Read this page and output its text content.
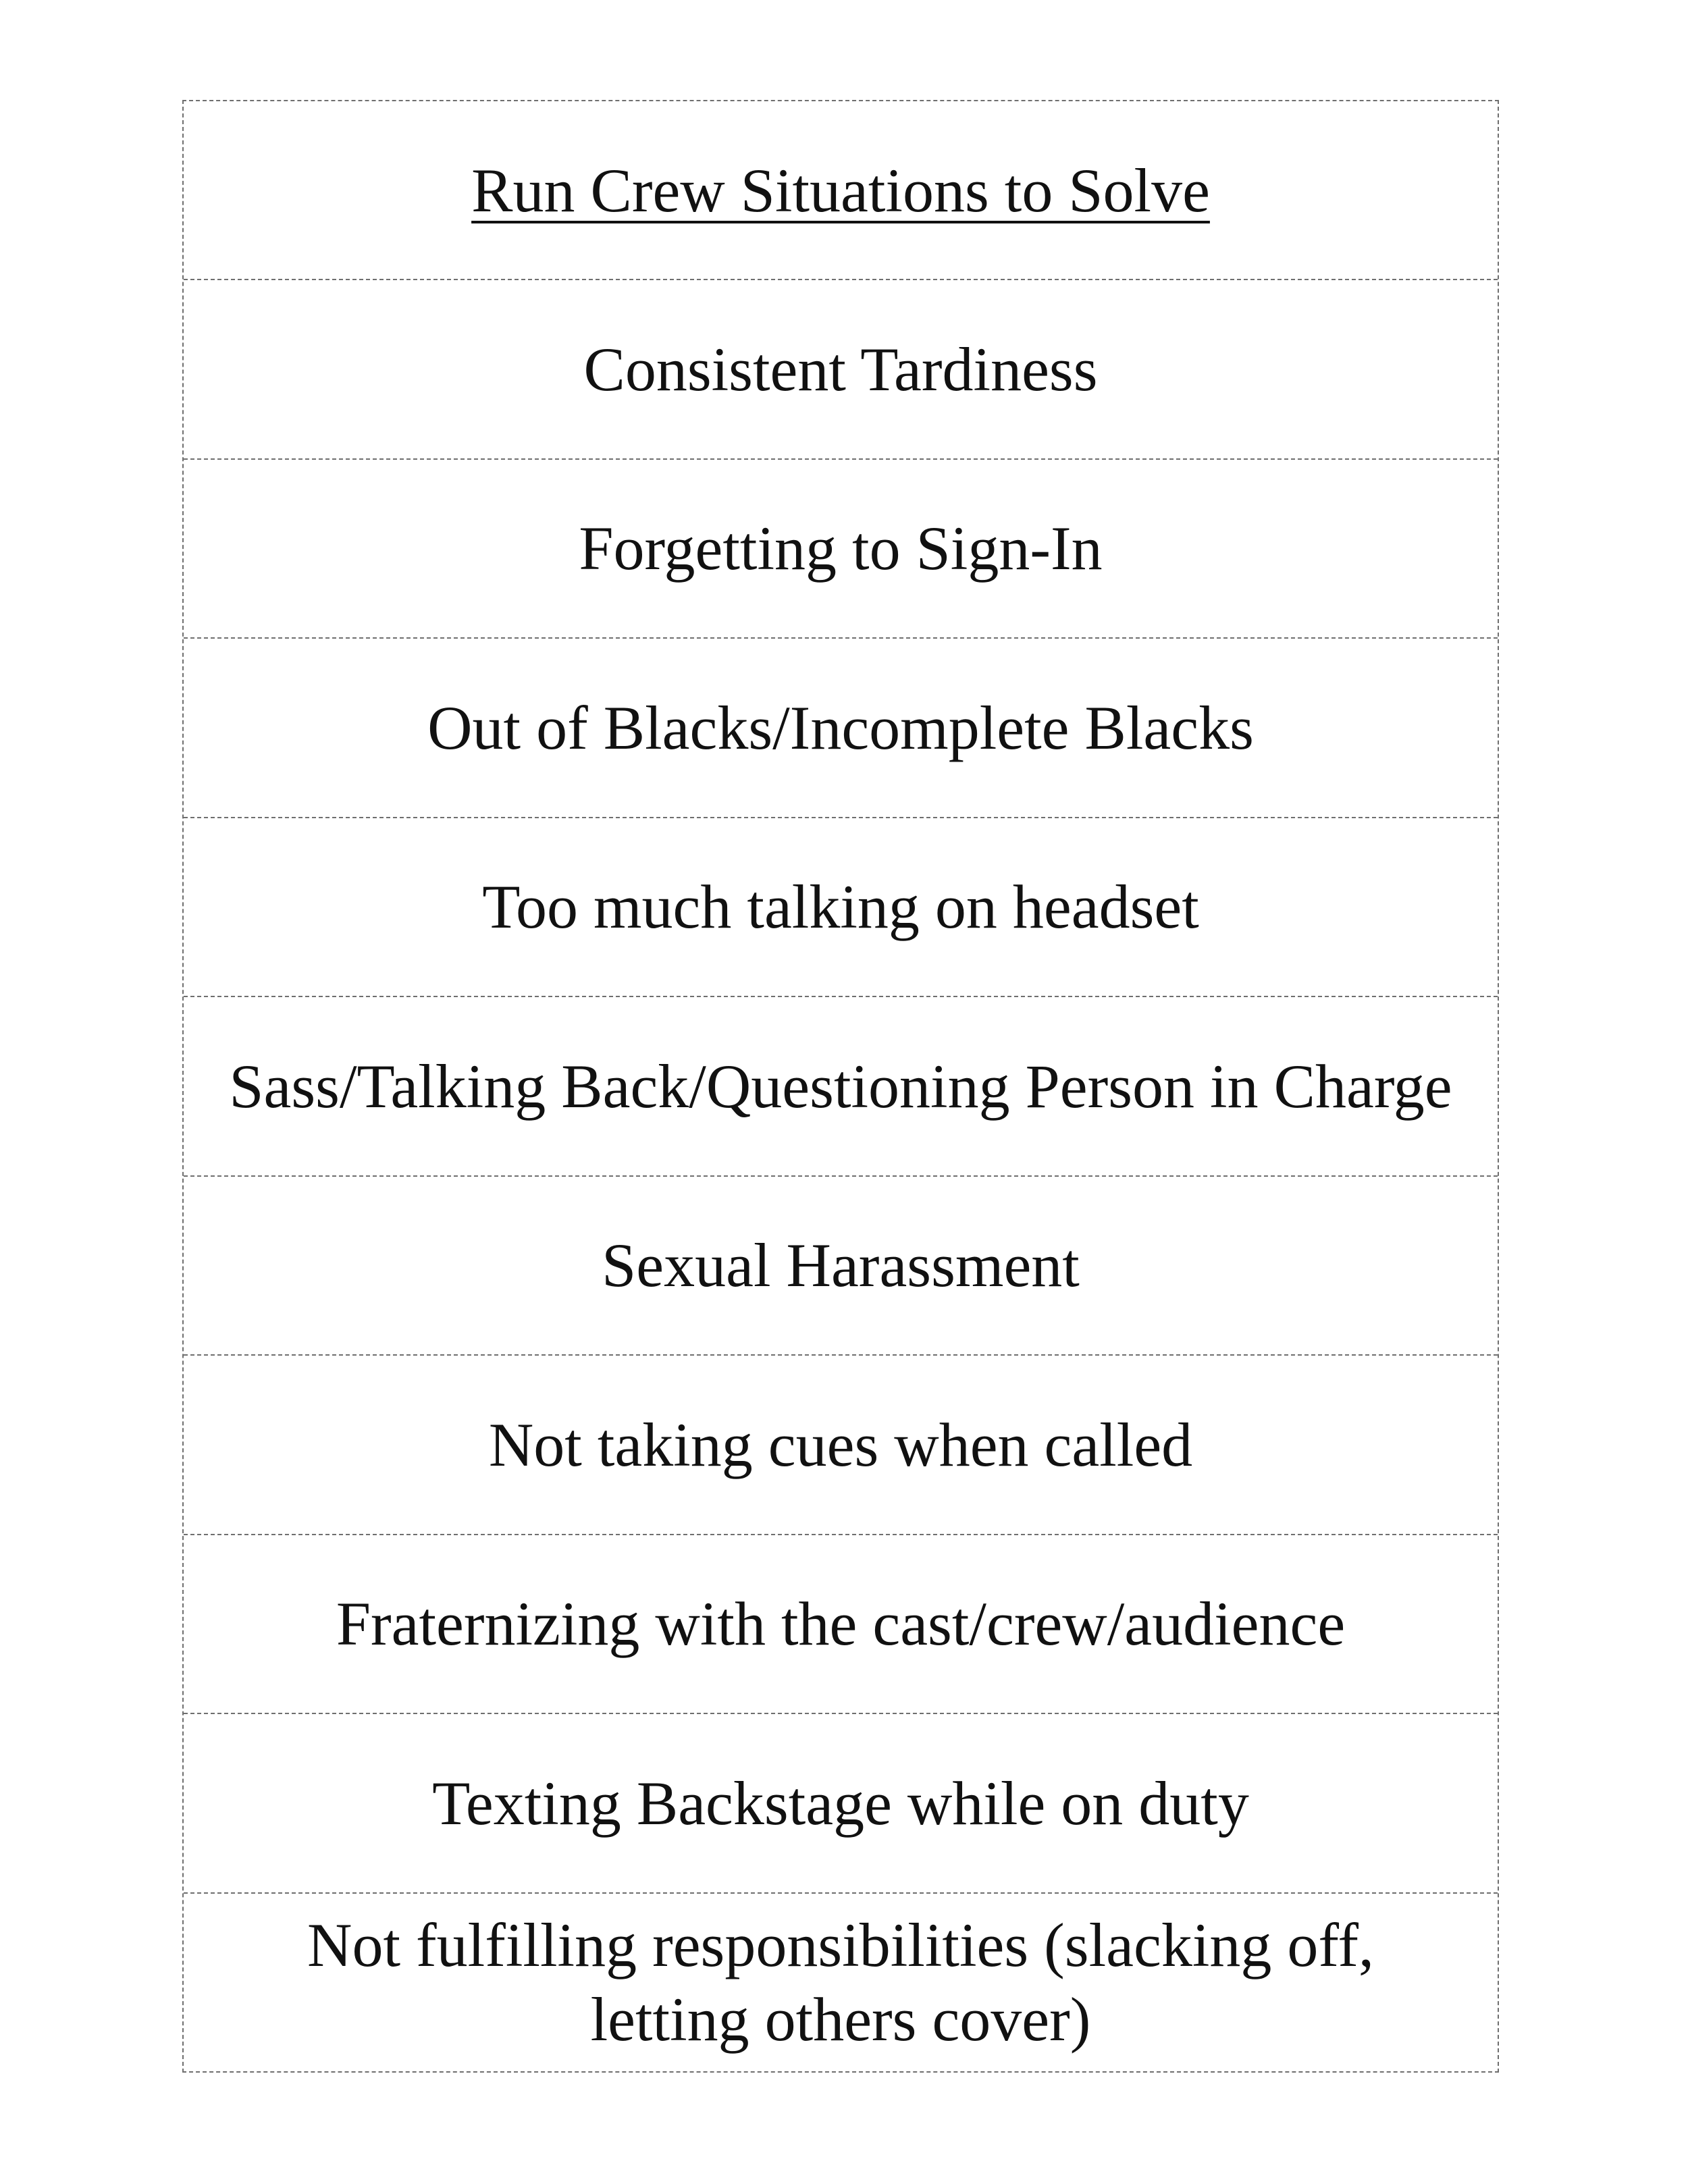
Run Crew Situations to Solve
Consistent Tardiness
Forgetting to Sign-In
Out of Blacks/Incomplete Blacks
Too much talking on headset
Sass/Talking Back/Questioning Person in Charge
Sexual Harassment
Not taking cues when called
Fraternizing with the cast/crew/audience
Texting Backstage while on duty
Not fulfilling responsibilities (slacking off, letting others cover)
